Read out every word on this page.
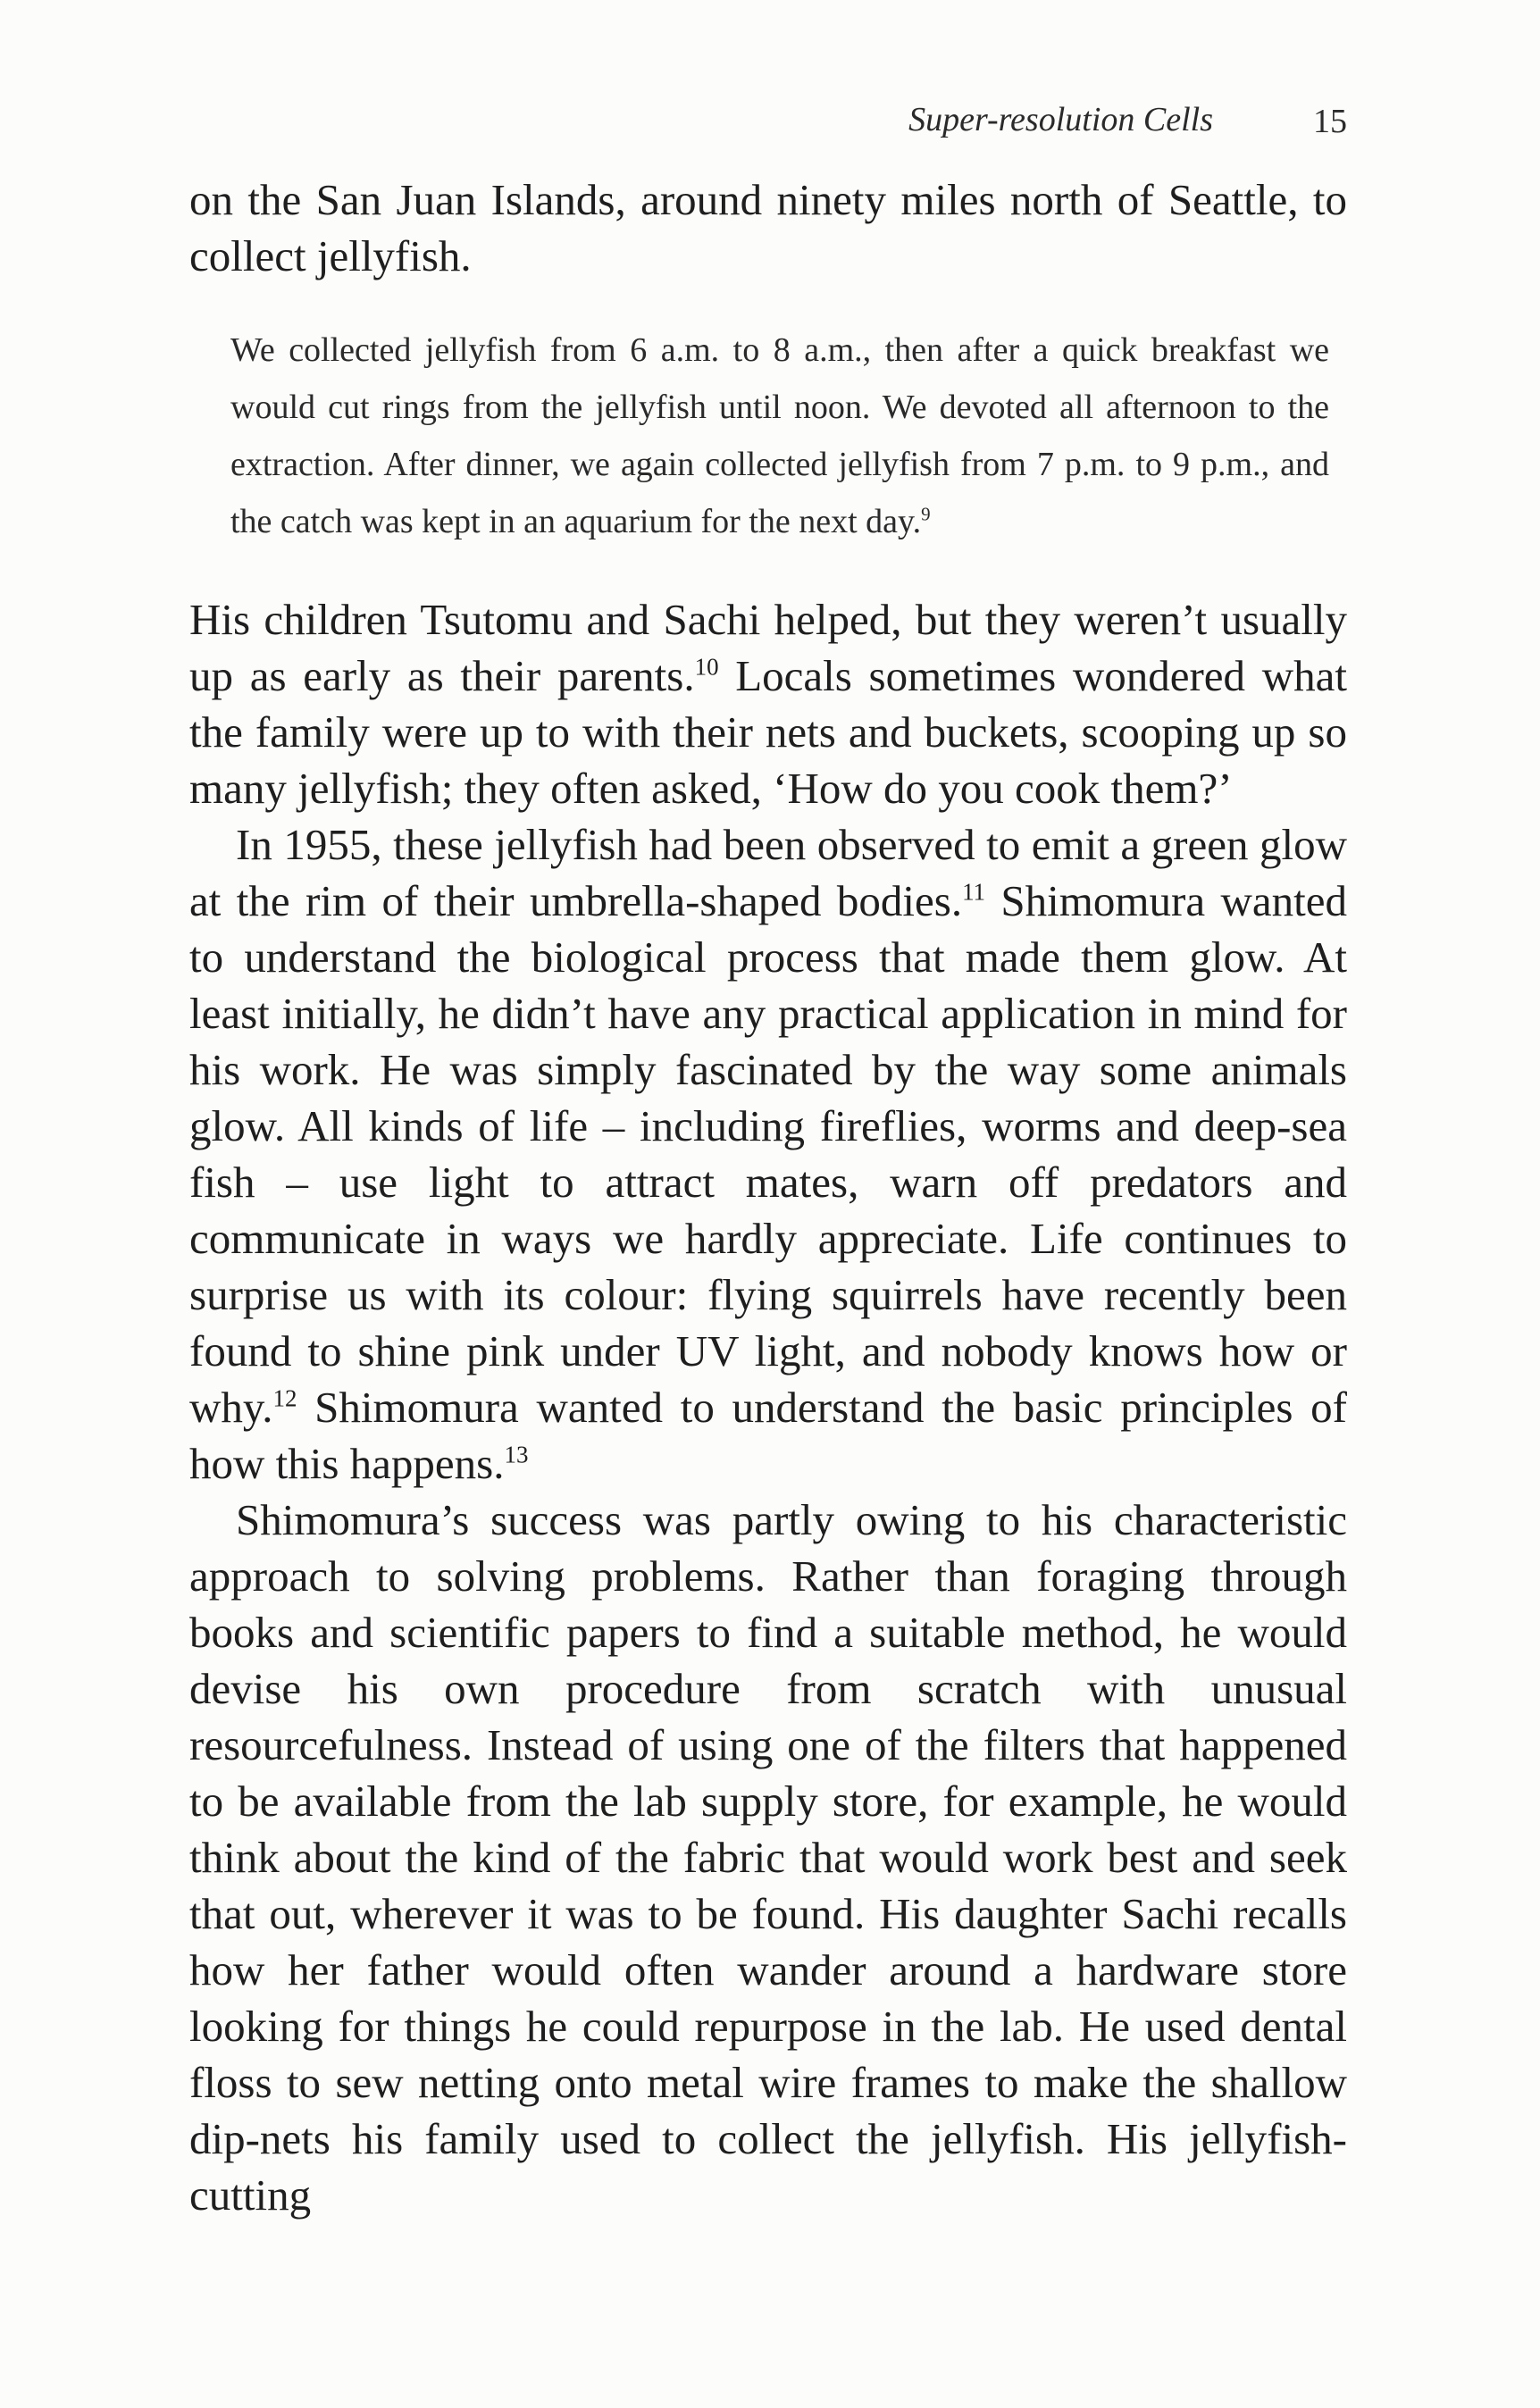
Super-resolution Cells	15

on the San Juan Islands, around ninety miles north of Seattle, to collect jellyfish.

We collected jellyfish from 6 a.m. to 8 a.m., then after a quick breakfast we would cut rings from the jellyfish until noon. We devoted all afternoon to the extraction. After dinner, we again collected jellyfish from 7 p.m. to 9 p.m., and the catch was kept in an aquarium for the next day.$^9$

His children Tsutomu and Sachi helped, but they weren’t usually up as early as their parents.$^{10}$ Locals sometimes wondered what the family were up to with their nets and buckets, scooping up so many jellyfish; they often asked, ‘How do you cook them?’

In 1955, these jellyfish had been observed to emit a green glow at the rim of their umbrella-shaped bodies.$^{11}$ Shimomura wanted to understand the biological process that made them glow. At least initially, he didn’t have any practical application in mind for his work. He was simply fascinated by the way some animals glow. All kinds of life – including fireflies, worms and deep-sea fish – use light to attract mates, warn off predators and communicate in ways we hardly appreciate. Life continues to surprise us with its colour: flying squirrels have recently been found to shine pink under UV light, and nobody knows how or why.$^{12}$ Shimomura wanted to understand the basic principles of how this happens.$^{13}$

Shimomura’s success was partly owing to his characteristic approach to solving problems. Rather than foraging through books and scientific papers to find a suitable method, he would devise his own procedure from scratch with unusual resourcefulness. Instead of using one of the filters that happened to be available from the lab supply store, for example, he would think about the kind of the fabric that would work best and seek that out, wherever it was to be found. His daughter Sachi recalls how her father would often wander around a hardware store looking for things he could repurpose in the lab. He used dental floss to sew netting onto metal wire frames to make the shallow dip-nets his family used to collect the jellyfish. His jellyfish-cutting
